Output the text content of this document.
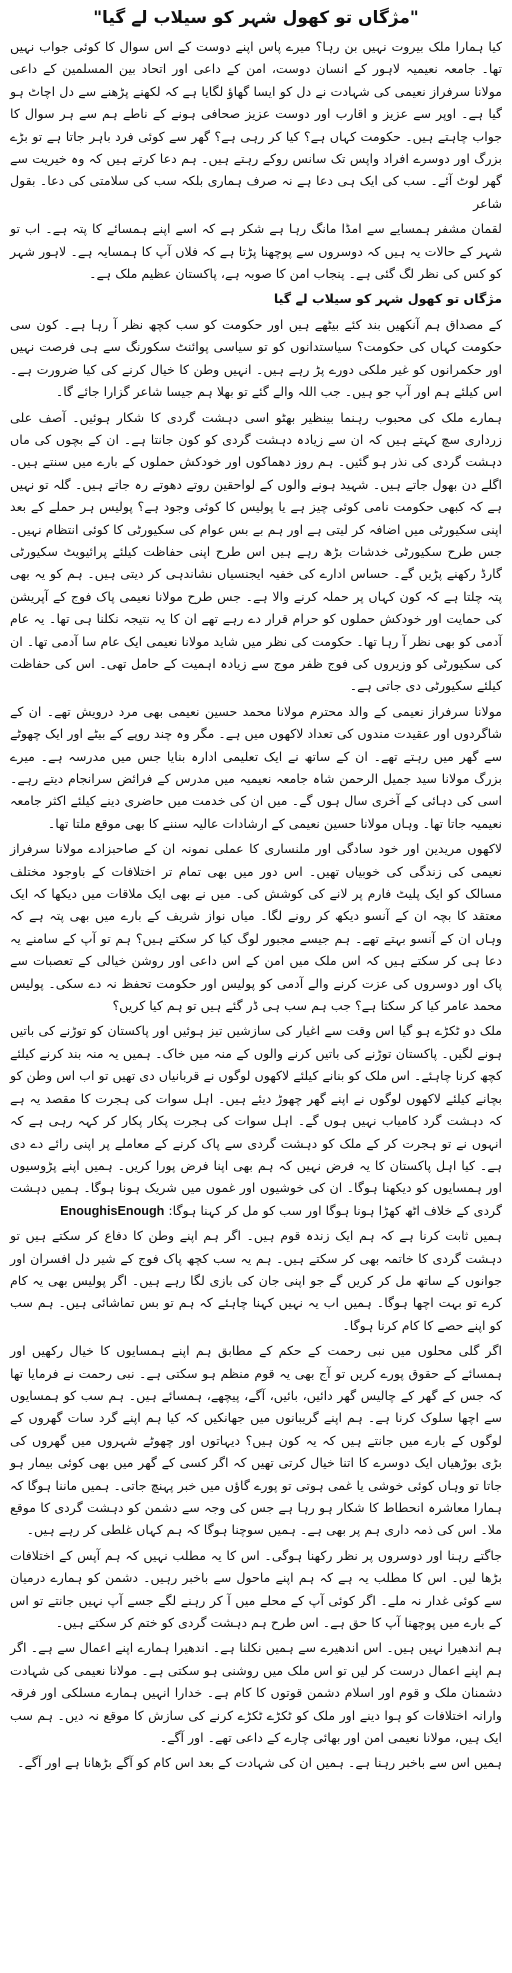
"مژگاں تو کھول شہر کو سیلاب لے گیا"

کیا ہمارا ملک بیروت نہیں بن رہا؟ میرے پاس اپنے دوست کے اس سوال کا کوئی جواب نہیں تھا۔ جامعہ نعیمیہ لاہور کے انسان دوست، امن کے داعی اور اتحاد بین المسلمین کے داعی مولانا سرفراز نعیمی کی شہادت نے دل کو ایسا گھاؤ لگایا ہے کہ لکھنے پڑھنے سے دل اچاٹ ہو گیا ہے۔ اوپر سے عزیز و اقارب اور دوست عزیز صحافی ہونے کے ناطے ہم سے ہر سوال کا جواب چاہتے ہیں۔ حکومت کہاں ہے؟ کیا کر رہی ہے؟ گھر سے کوئی فرد باہر جاتا ہے تو بڑے بزرگ اور دوسرے افراد واپس تک سانس روکے رہتے ہیں۔ ہم دعا کرتے ہیں کہ وہ خیریت سے گھر لوٹ آئے۔ سب کی ایک ہی دعا ہے نہ صرف ہماری بلکہ سب کی سلامتی کی دعا۔ بقول شاعر

لقمان مشفر ہمسایے سے امڈا مانگ رہا ہے شکر ہے کہ اسے اپنے ہمسائے کا پتہ ہے۔ اب تو شہر کے حالات یہ ہیں کہ دوسروں سے پوچھنا پڑتا ہے کہ فلاں آپ کا ہمسایہ ہے۔ لاہور شہر کو کس کی نظر لگ گئی ہے۔ پنجاب امن کا صوبہ ہے، پاکستان عظیم ملک ہے۔

مژگاں تو کھول شہر کو سیلاب لے گیا

کے مصداق ہم آنکھیں بند کئے بیٹھے ہیں اور حکومت کو سب کچھ نظر آ رہا ہے۔ کون سی حکومت کہاں کی حکومت؟ سیاستدانوں کو تو سیاسی پوائنٹ سکورنگ سے ہی فرصت نہیں اور حکمرانوں کو غیر ملکی دورے پڑ رہے ہیں۔ انہیں وطن کا خیال کرنے کی کیا ضرورت ہے۔ اس کیلئے ہم اور آپ جو ہیں۔ جب اللہ والے گئے تو بھلا ہم جیسا شاعر گزارا جائے گا۔

ہمارے ملک کی محبوب رہنما بینظیر بھٹو اسی دہشت گردی کا شکار ہوئیں۔ آصف علی زرداری سچ کہتے ہیں کہ ان سے زیادہ دہشت گردی کو کون جانتا ہے۔ ان کے بچوں کی ماں دہشت گردی کی نذر ہو گئیں۔ ہم روز دھماکوں اور خودکش حملوں کے بارے میں سنتے ہیں۔ اگلے دن بھول جاتے ہیں۔ شہید ہونے والوں کے لواحقین روتے دھوتے رہ جاتے ہیں۔ گلہ تو نہیں ہے کہ کبھی حکومت نامی کوئی چیز ہے یا پولیس کا کوئی وجود ہے؟ پولیس ہر حملے کے بعد اپنی سکیورٹی میں اضافہ کر لیتی ہے اور ہم بے بس عوام کی سکیورٹی کا کوئی انتظام نہیں۔ جس طرح سکیورٹی خدشات بڑھ رہے ہیں اس طرح اپنی حفاظت کیلئے پرائیویٹ سکیورٹی گارڈ رکھنے پڑیں گے۔ حساس ادارے کی خفیہ ایجنسیاں نشاندہی کر دیتی ہیں۔ ہم کو یہ بھی پتہ چلتا ہے کہ کون کہاں پر حملہ کرنے والا ہے۔ جس طرح مولانا نعیمی پاک فوج کے آپریشن کی حمایت اور خودکش حملوں کو حرام قرار دے رہے تھے ان کا یہ نتیجہ نکلنا ہی تھا۔ یہ عام آدمی کو بھی نظر آ رہا تھا۔ حکومت کی نظر میں شاید مولانا نعیمی ایک عام سا آدمی تھا۔ ان کی سکیورٹی کو وزیروں کی فوج ظفر موج سے زیادہ اہمیت کے حامل تھی۔ اس کی حفاظت کیلئے سکیورٹی دی جاتی ہے۔

مولانا سرفراز نعیمی کے والد محترم مولانا محمد حسین نعیمی بھی مرد درویش تھے۔ ان کے شاگردوں اور عقیدت مندوں کی تعداد لاکھوں میں ہے۔ مگر وہ چند روپے کے بیٹے اور ایک چھوٹے سے گھر میں رہتے تھے۔ ان کے ساتھ نے ایک تعلیمی ادارہ بنایا جس میں مدرسہ ہے۔ میرے بزرگ مولانا سید جمیل الرحمن شاہ جامعہ نعیمیہ میں مدرس کے فرائض سرانجام دیتے رہے۔ اسی کی دہائی کے آخری سال ہوں گے۔ میں ان کی خدمت میں حاضری دینے کیلئے اکثر جامعہ نعیمیہ جاتا تھا۔ وہاں مولانا حسین نعیمی کے ارشادات عالیہ سننے کا بھی موقع ملتا تھا۔

لاکھوں مریدین اور خود سادگی اور ملنساری کا عملی نمونہ ان کے صاحبزادے مولانا سرفراز نعیمی کی زندگی کی خوبیاں تھیں۔ اس دور میں بھی تمام تر اختلافات کے باوجود مختلف مسالک کو ایک پلیٹ فارم پر لانے کی کوشش کی۔ میں نے بھی ایک ملاقات میں دیکھا کہ ایک معتقد کا بچہ ان کے آنسو دیکھ کر رونے لگا۔ میاں نواز شریف کے بارے میں بھی پتہ ہے کہ وہاں ان کے آنسو بہتے تھے۔ ہم جیسے مجبور لوگ کیا کر سکتے ہیں؟ ہم تو آپ کے سامنے یہ دعا ہی کر سکتے ہیں کہ اس ملک میں امن کے اس داعی اور روشن خیالی کے تعصبات سے پاک اور دوسروں کی عزت کرنے والے آدمی کو پولیس اور حکومت تحفظ نہ دے سکی۔ پولیس محمد عامر کیا کر سکتا ہے؟ جب ہم سب ہی ڈر گئے ہیں تو ہم کیا کریں؟

ملک دو ٹکڑے ہو گیا اس وقت سے اغیار کی سازشیں تیز ہوئیں اور پاکستان کو توڑنے کی باتیں ہونے لگیں۔ پاکستان توڑنے کی باتیں کرنے والوں کے منہ میں خاک۔ ہمیں یہ منہ بند کرنے کیلئے کچھ کرنا چاہئے۔ اس ملک کو بنانے کیلئے لاکھوں لوگوں نے قربانیاں دی تھیں تو اب اس وطن کو بچانے کیلئے لاکھوں لوگوں نے اپنے گھر چھوڑ دیئے ہیں۔ اہل سوات کی ہجرت کا مقصد یہ ہے کہ دہشت گرد کامیاب نہیں ہوں گے۔ اہل سوات کی ہجرت پکار پکار کر کہہ رہی ہے کہ انہوں نے تو ہجرت کر کے ملک کو دہشت گردی سے پاک کرنے کے معاملے پر اپنی رائے دے دی ہے۔ کیا اہل پاکستان کا یہ فرض نہیں کہ ہم بھی اپنا فرض پورا کریں۔ ہمیں اپنے پڑوسیوں اور ہمسایوں کو دیکھنا ہوگا۔ ان کی خوشیوں اور غموں میں شریک ہونا ہوگا۔ ہمیں دہشت گردی کے خلاف اٹھ کھڑا ہونا ہوگا اور سب کو مل کر کہنا ہوگا: EnoughisEnough

ہمیں ثابت کرنا ہے کہ ہم ایک زندہ قوم ہیں۔ اگر ہم اپنے وطن کا دفاع کر سکتے ہیں تو دہشت گردی کا خاتمہ بھی کر سکتے ہیں۔ ہم یہ سب کچھ پاک فوج کے شیر دل افسران اور جوانوں کے ساتھ مل کر کریں گے جو اپنی جان کی بازی لگا رہے ہیں۔ اگر پولیس بھی یہ کام کرے تو بہت اچھا ہوگا۔ ہمیں اب یہ نہیں کہنا چاہئے کہ ہم تو بس تماشائی ہیں۔ ہم سب کو اپنے حصے کا کام کرنا ہوگا۔

اگر گلی محلوں میں نبی رحمت کے حکم کے مطابق ہم اپنے ہمسایوں کا خیال رکھیں اور ہمسائے کے حقوق پورے کریں تو آج بھی یہ قوم منظم ہو سکتی ہے۔ نبی رحمت نے فرمایا تھا کہ جس کے گھر کے چالیس گھر دائیں، بائیں، آگے، پیچھے، ہمسائے ہیں۔ ہم سب کو ہمسایوں سے اچھا سلوک کرنا ہے۔ ہم اپنے گریبانوں میں جھانکیں کہ کیا ہم اپنے گرد سات گھروں کے لوگوں کے بارے میں جانتے ہیں کہ یہ کون ہیں؟ دیہاتوں اور چھوٹے شہروں میں گھروں کی بڑی بوڑھیاں ایک دوسرے کا اتنا خیال کرتی تھیں کہ اگر کسی کے گھر میں بھی کوئی بیمار ہو جاتا تو وہاں کوئی خوشی یا غمی ہوتی تو پورے گاؤں میں خبر پہنچ جاتی۔ ہمیں ماننا ہوگا کہ ہمارا معاشرہ انحطاط کا شکار ہو رہا ہے جس کی وجہ سے دشمن کو دہشت گردی کا موقع ملا۔ اس کی ذمہ داری ہم پر بھی ہے۔ ہمیں سوچنا ہوگا کہ ہم کہاں غلطی کر رہے ہیں۔

جاگتے رہنا اور دوسروں پر نظر رکھنا ہوگی۔ اس کا یہ مطلب نہیں کہ ہم آپس کے اختلافات بڑھا لیں۔ اس کا مطلب یہ ہے کہ ہم اپنے ماحول سے باخبر رہیں۔ دشمن کو ہمارے درمیان سے کوئی غدار نہ ملے۔ اگر کوئی آپ کے محلے میں آ کر رہنے لگے جسے آپ نہیں جانتے تو اس کے بارے میں پوچھنا آپ کا حق ہے۔ اس طرح ہم دہشت گردی کو ختم کر سکتے ہیں۔

ہم اندھیرا نہیں ہیں۔ اس اندھیرے سے ہمیں نکلنا ہے۔ اندھیرا ہمارے اپنے اعمال سے ہے۔ اگر ہم اپنے اعمال درست کر لیں تو اس ملک میں روشنی ہو سکتی ہے۔ مولانا نعیمی کی شہادت دشمنان ملک و قوم اور اسلام دشمن قوتوں کا کام ہے۔ خدارا انہیں ہمارے مسلکی اور فرقہ وارانہ اختلافات کو ہوا دینے اور ملک کو ٹکڑے ٹکڑے کرنے کی سازش کا موقع نہ دیں۔ ہم سب ایک ہیں، مولانا نعیمی امن اور بھائی چارے کے داعی تھے۔ اور آگے۔

ہمیں اس سے باخبر رہنا ہے۔ ہمیں ان کی شہادت کے بعد اس کام کو آگے بڑھانا ہے اور آگے۔
